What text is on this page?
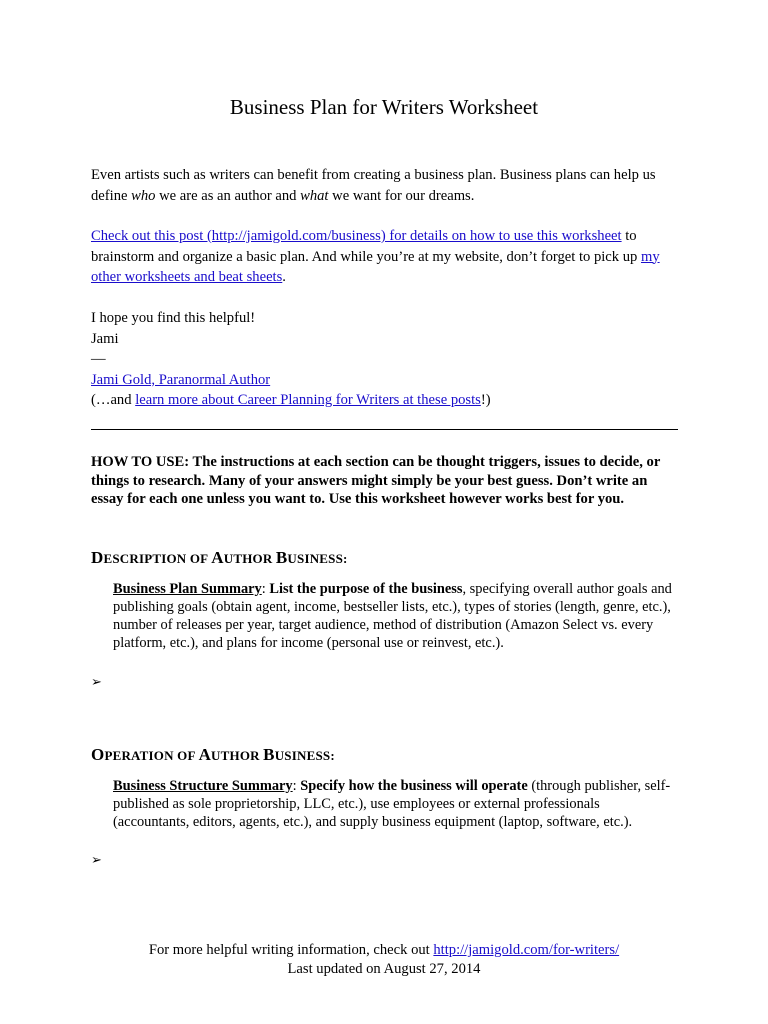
Business Plan for Writers Worksheet
Even artists such as writers can benefit from creating a business plan. Business plans can help us define who we are as an author and what we want for our dreams.
Check out this post (http://jamigold.com/business) for details on how to use this worksheet to brainstorm and organize a basic plan. And while you’re at my website, don’t forget to pick up my other worksheets and beat sheets.
I hope you find this helpful!
Jami
—
Jami Gold, Paranormal Author
(…and learn more about Career Planning for Writers at these posts!)
HOW TO USE: The instructions at each section can be thought triggers, issues to decide, or things to research. Many of your answers might simply be your best guess. Don’t write an essay for each one unless you want to. Use this worksheet however works best for you.
DESCRIPTION OF AUTHOR BUSINESS:
Business Plan Summary: List the purpose of the business, specifying overall author goals and publishing goals (obtain agent, income, bestseller lists, etc.), types of stories (length, genre, etc.), number of releases per year, target audience, method of distribution (Amazon Select vs. every platform, etc.), and plans for income (personal use or reinvest, etc.).
➢
OPERATION OF AUTHOR BUSINESS:
Business Structure Summary: Specify how the business will operate (through publisher, self-published as sole proprietorship, LLC, etc.), use employees or external professionals (accountants, editors, agents, etc.), and supply business equipment (laptop, software, etc.).
➢
For more helpful writing information, check out http://jamigold.com/for-writers/
Last updated on August 27, 2014
